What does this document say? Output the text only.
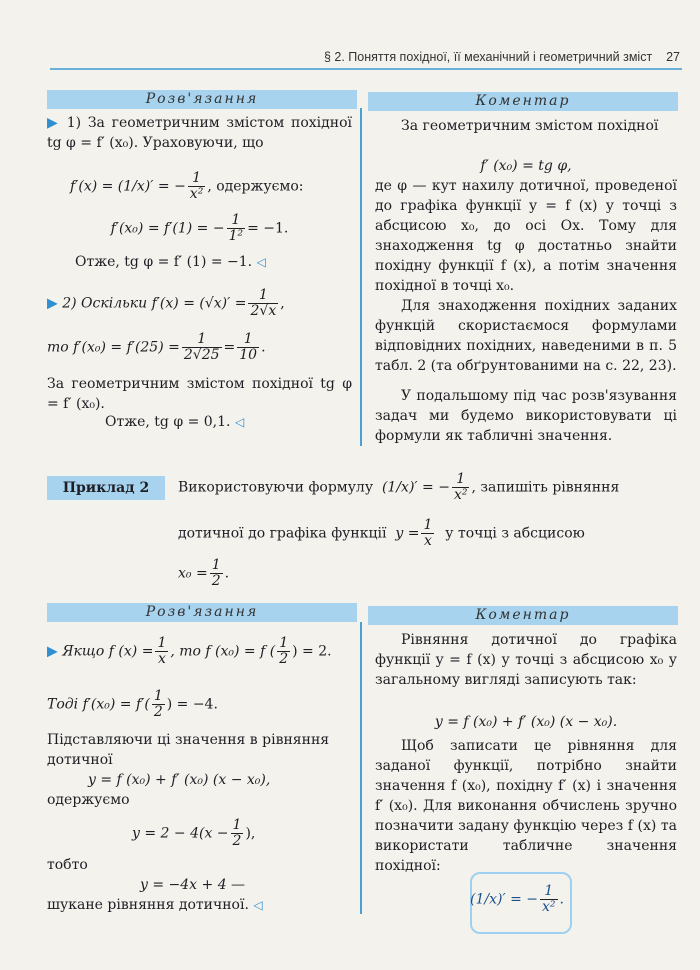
§ 2. Поняття похідної, її механічний і геометричний зміст 27
Розв'язання	Коментар

▶ 1) За геометричним змістом похідної tg φ = f′ (x₀). Ураховуючи, що

f′(x) = (1/x)′ = − $\frac{1}{\text{x²}}$ , одержуємо:
f′(x₀) = f′(1) = − $\frac{1}{\text{1²}} = -1$.

Отже, tg φ = f′ (1) = −1. ◁

▶ 2) Оскільки $f'(x) = (√x)' = \frac{1}{2√x}$ ,
то $f'(x_0) = f'(25) = \frac{1}{2√25} = \frac{1}{10}$ .

За геометричним змістом похідної tg φ = f′ (x₀).

Отже, tg φ = 0,1. ◁

За геометричним змістом похідної

f′ (x₀) = tg φ,

де φ — кут нахилу дотичної, проведеної до графіка функції y = f (x) у точці з абсцисою x₀, до осі Ox. Тому для знаходження tg φ достатньо знайти похідну функції f (x), а потім значення похідної в точці x₀.

Для знаходження похідних заданих функцій скористаємося формулами відповідних похідних, наведеними в п. 5 табл. 2 (та обґрунтованими на с. 22, 23).

У подальшому під час розв'язування задач ми будемо використовувати ці формули як табличні значення.

Приклад 2	Використовуючи формулу (1/x)′ = − $\frac{1}{\text{x²}}$ , запишіть рівняння
дотичної до графіка функції $y = \frac{1}{x}$ у точці з абсцисою
$x_0 = \frac{1}{2}$ .
Розв'язання	Коментар
▶ Якщо f $(x) = \frac{1}{x}$ , то f (x₀) = f ( $\frac{1}{2}$ ) = 2.
Тоді $f'(x_0) = f'( \frac{1}{2}$ ) = −4.

Підставляючи ці значення в рівняння дотичної

y = f (x₀) + f′ (x₀) (x − x₀),

одержуємо

$y = 2 - 4(x - \frac{1}{2}$ ),

тобто

y = −4x + 4 —

шукане рівняння дотичної. ◁

Рівняння дотичної до графіка функції y = f (x) у точці з абсцисою x₀ у загальному вигляді записують так:

y = f (x₀) + f′ (x₀) (x − x₀).

Щоб записати це рівняння для заданої функції, потрібно знайти значення f (x₀), похідну f′ (x) і значення f′ (x₀). Для виконання обчислень зручно позначити задану функцію через f (x) та використати табличне значення похідної:

(1/x)′ = − $\frac{1}{\text{x²}}$ .
